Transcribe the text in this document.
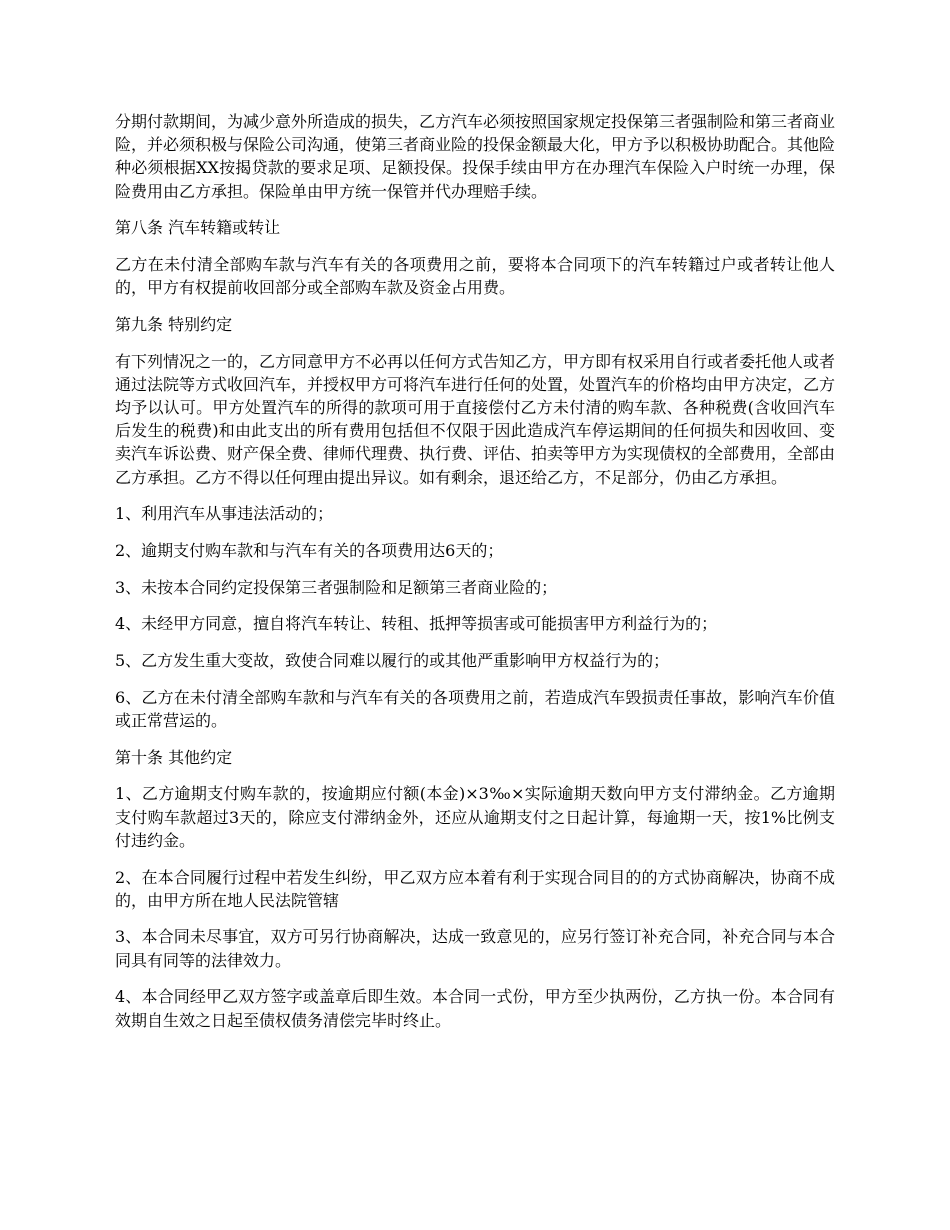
分期付款期间，为减少意外所造成的损失，乙方汽车必须按照国家规定投保第三者强制险和第三者商业险，并必须积极与保险公司沟通，使第三者商业险的投保金额最大化，甲方予以积极协助配合。其他险种必须根据XX按揭贷款的要求足项、足额投保。投保手续由甲方在办理汽车保险入户时统一办理，保险费用由乙方承担。保险单由甲方统一保管并代办理赔手续。

第八条 汽车转籍或转让

乙方在未付清全部购车款与汽车有关的各项费用之前，要将本合同项下的汽车转籍过户或者转让他人的，甲方有权提前收回部分或全部购车款及资金占用费。

第九条 特别约定

有下列情况之一的，乙方同意甲方不必再以任何方式告知乙方，甲方即有权采用自行或者委托他人或者通过法院等方式收回汽车，并授权甲方可将汽车进行任何的处置，处置汽车的价格均由甲方决定，乙方均予以认可。甲方处置汽车的所得的款项可用于直接偿付乙方未付清的购车款、各种税费(含收回汽车后发生的税费)和由此支出的所有费用包括但不仅限于因此造成汽车停运期间的任何损失和因收回、变卖汽车诉讼费、财产保全费、律师代理费、执行费、评估、拍卖等甲方为实现债权的全部费用，全部由乙方承担。乙方不得以任何理由提出异议。如有剩余，退还给乙方，不足部分，仍由乙方承担。

1、利用汽车从事违法活动的；

2、逾期支付购车款和与汽车有关的各项费用达6天的；

3、未按本合同约定投保第三者强制险和足额第三者商业险的；

4、未经甲方同意，擅自将汽车转让、转租、抵押等损害或可能损害甲方利益行为的；

5、乙方发生重大变故，致使合同难以履行的或其他严重影响甲方权益行为的；

6、乙方在未付清全部购车款和与汽车有关的各项费用之前，若造成汽车毁损责任事故，影响汽车价值或正常营运的。

第十条 其他约定

1、乙方逾期支付购车款的，按逾期应付额(本金)×3‰×实际逾期天数向甲方支付滞纳金。乙方逾期支付购车款超过3天的，除应支付滞纳金外，还应从逾期支付之日起计算，每逾期一天，按1%比例支付违约金。

2、在本合同履行过程中若发生纠纷，甲乙双方应本着有利于实现合同目的的方式协商解决，协商不成的，由甲方所在地人民法院管辖

3、本合同未尽事宜，双方可另行协商解决，达成一致意见的，应另行签订补充合同，补充合同与本合同具有同等的法律效力。

4、本合同经甲乙双方签字或盖章后即生效。本合同一式份，甲方至少执两份，乙方执一份。本合同有效期自生效之日起至债权债务清偿完毕时终止。
